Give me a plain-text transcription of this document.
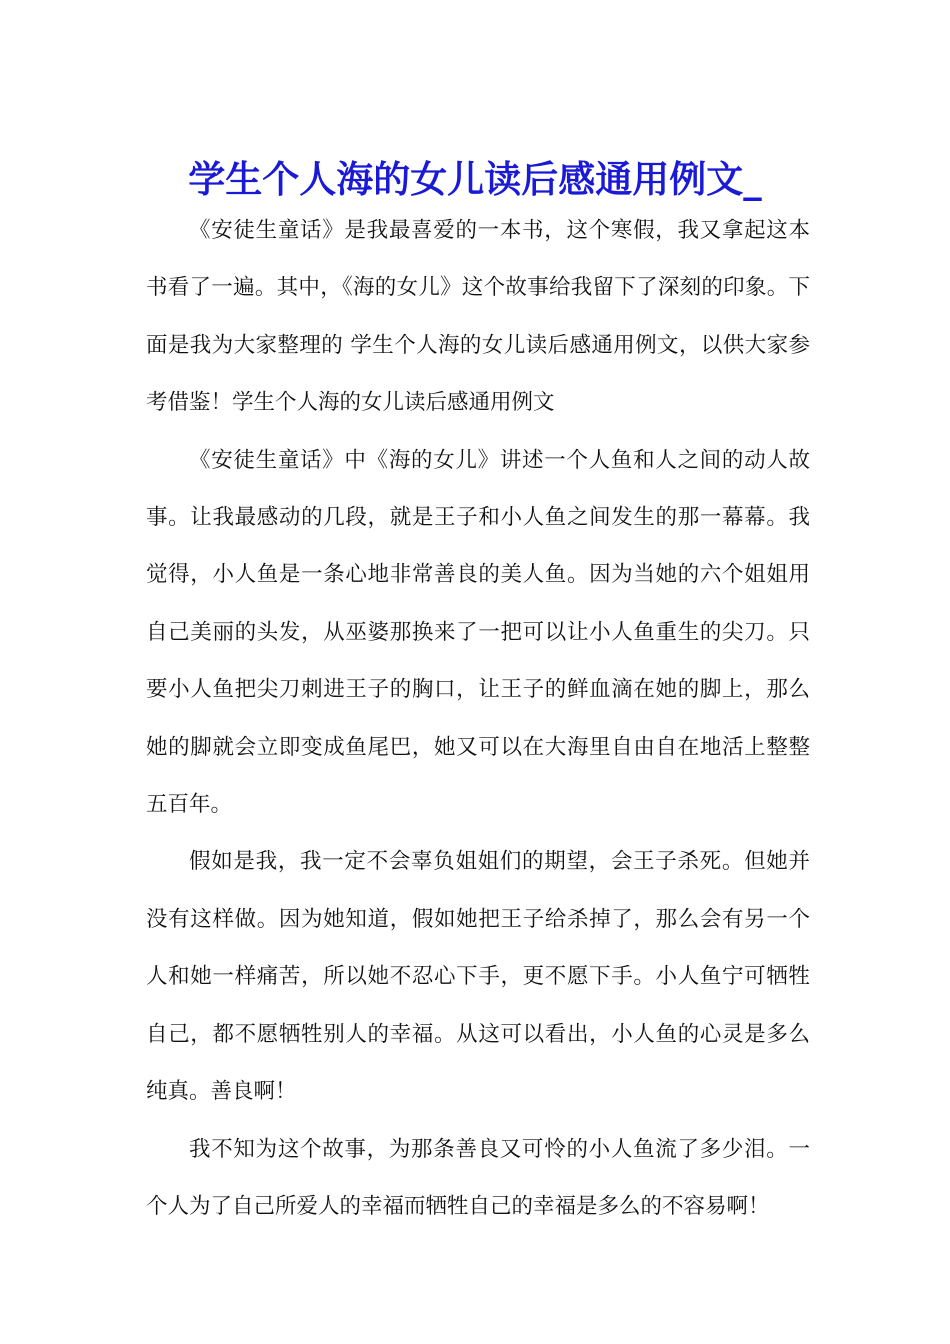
学生个人海的女儿读后感通用例文_

《安徒生童话》是我最喜爱的一本书，这个寒假，我又拿起这本书看了一遍。其中，《海的女儿》这个故事给我留下了深刻的印象。下面是我为大家整理的 学生个人海的女儿读后感通用例文，以供大家参考借鉴！学生个人海的女儿读后感通用例文

《安徒生童话》中《海的女儿》讲述一个人鱼和人之间的动人故事。让我最感动的几段，就是王子和小人鱼之间发生的那一幕幕。我觉得，小人鱼是一条心地非常善良的美人鱼。因为当她的六个姐姐用自己美丽的头发，从巫婆那换来了一把可以让小人鱼重生的尖刀。只要小人鱼把尖刀刺进王子的胸口，让王子的鲜血滴在她的脚上，那么她的脚就会立即变成鱼尾巴，她又可以在大海里自由自在地活上整整五百年。

假如是我，我一定不会辜负姐姐们的期望，会王子杀死。但她并没有这样做。因为她知道，假如她把王子给杀掉了，那么会有另一个人和她一样痛苦，所以她不忍心下手，更不愿下手。小人鱼宁可牺牲自己，都不愿牺牲别人的幸福。从这可以看出，小人鱼的心灵是多么纯真。善良啊！

我不知为这个故事，为那条善良又可怜的小人鱼流了多少泪。一个人为了自己所爱人的幸福而牺牲自己的幸福是多么的不容易啊！
